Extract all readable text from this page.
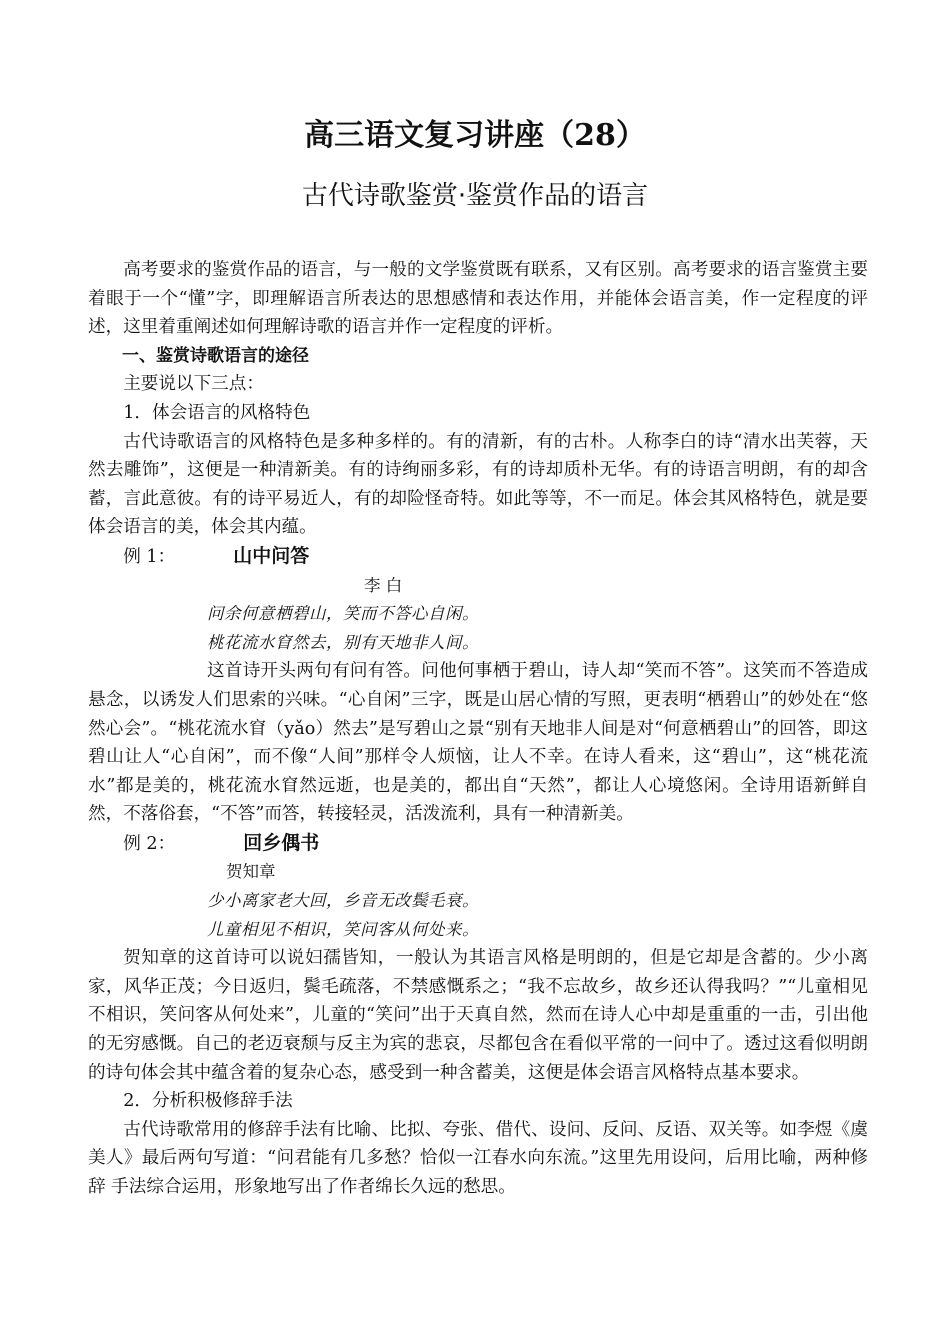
高三语文复习讲座（28）
古代诗歌鉴赏·鉴赏作品的语言

高考要求的鉴赏作品的语言，与一般的文学鉴赏既有联系，又有区别。高考要求的语言鉴赏主要着眼于一个“懂”字，即理解语言所表达的思想感情和表达作用，并能体会语言美，作一定程度的评述，这里着重阐述如何理解诗歌的语言并作一定程度的评析。

一、鉴赏诗歌语言的途径

主要说以下三点：

1．体会语言的风格特色

古代诗歌语言的风格特色是多种多样的。有的清新，有的古朴。人称李白的诗“清水出芙蓉，天然去雕饰”，这便是一种清新美。有的诗绚丽多彩，有的诗却质朴无华。有的诗语言明朗，有的却含蓄，言此意彼。有的诗平易近人，有的却险怪奇特。如此等等，不一而足。体会其风格特色，就是要体会语言的美，体会其内蕴。

例 1：	山中问答

李 白

问余何意栖碧山，笑而不答心自闲。

桃花流水窅然去，别有天地非人间。

这首诗开头两句有问有答。问他何事栖于碧山，诗人却“笑而不答”。这笑而不答造成悬念，以诱发人们思索的兴味。“心自闲”三字，既是山居心情的写照，更表明“栖碧山”的妙处在“悠然心会”。“桃花流水窅（yǎo）然去”是写碧山之景“别有天地非人间是对“何意栖碧山”的回答，即这碧山让人“心自闲”，而不像“人间”那样令人烦恼，让人不幸。在诗人看来，这“碧山”，这“桃花流水”都是美的，桃花流水窅然远逝，也是美的，都出自“天然”，都让人心境悠闲。全诗用语新鲜自然，不落俗套，“不答”而答，转接轻灵，活泼流利，具有一种清新美。

例 2：	回乡偶书

贺知章

少小离家老大回，乡音无改鬓毛衰。

儿童相见不相识，笑问客从何处来。

贺知章的这首诗可以说妇孺皆知，一般认为其语言风格是明朗的，但是它却是含蓄的。少小离家，风华正茂；今日返归，鬓毛疏落，不禁感慨系之；“我不忘故乡，故乡还认得我吗？”“儿童相见不相识，笑问客从何处来”，儿童的“笑问”出于天真自然，然而在诗人心中却是重重的一击，引出他的无穷感慨。自己的老迈衰颓与反主为宾的悲哀，尽都包含在看似平常的一问中了。透过这看似明朗的诗句体会其中蕴含着的复杂心态，感受到一种含蓄美，这便是体会语言风格特点基本要求。

2．分析积极修辞手法

古代诗歌常用的修辞手法有比喻、比拟、夸张、借代、设问、反问、反语、双关等。如李煜《虞美人》最后两句写道：“问君能有几多愁？恰似一江春水向东流。”这里先用设问，后用比喻，两种修辞 手法综合运用，形象地写出了作者绵长久远的愁思。
